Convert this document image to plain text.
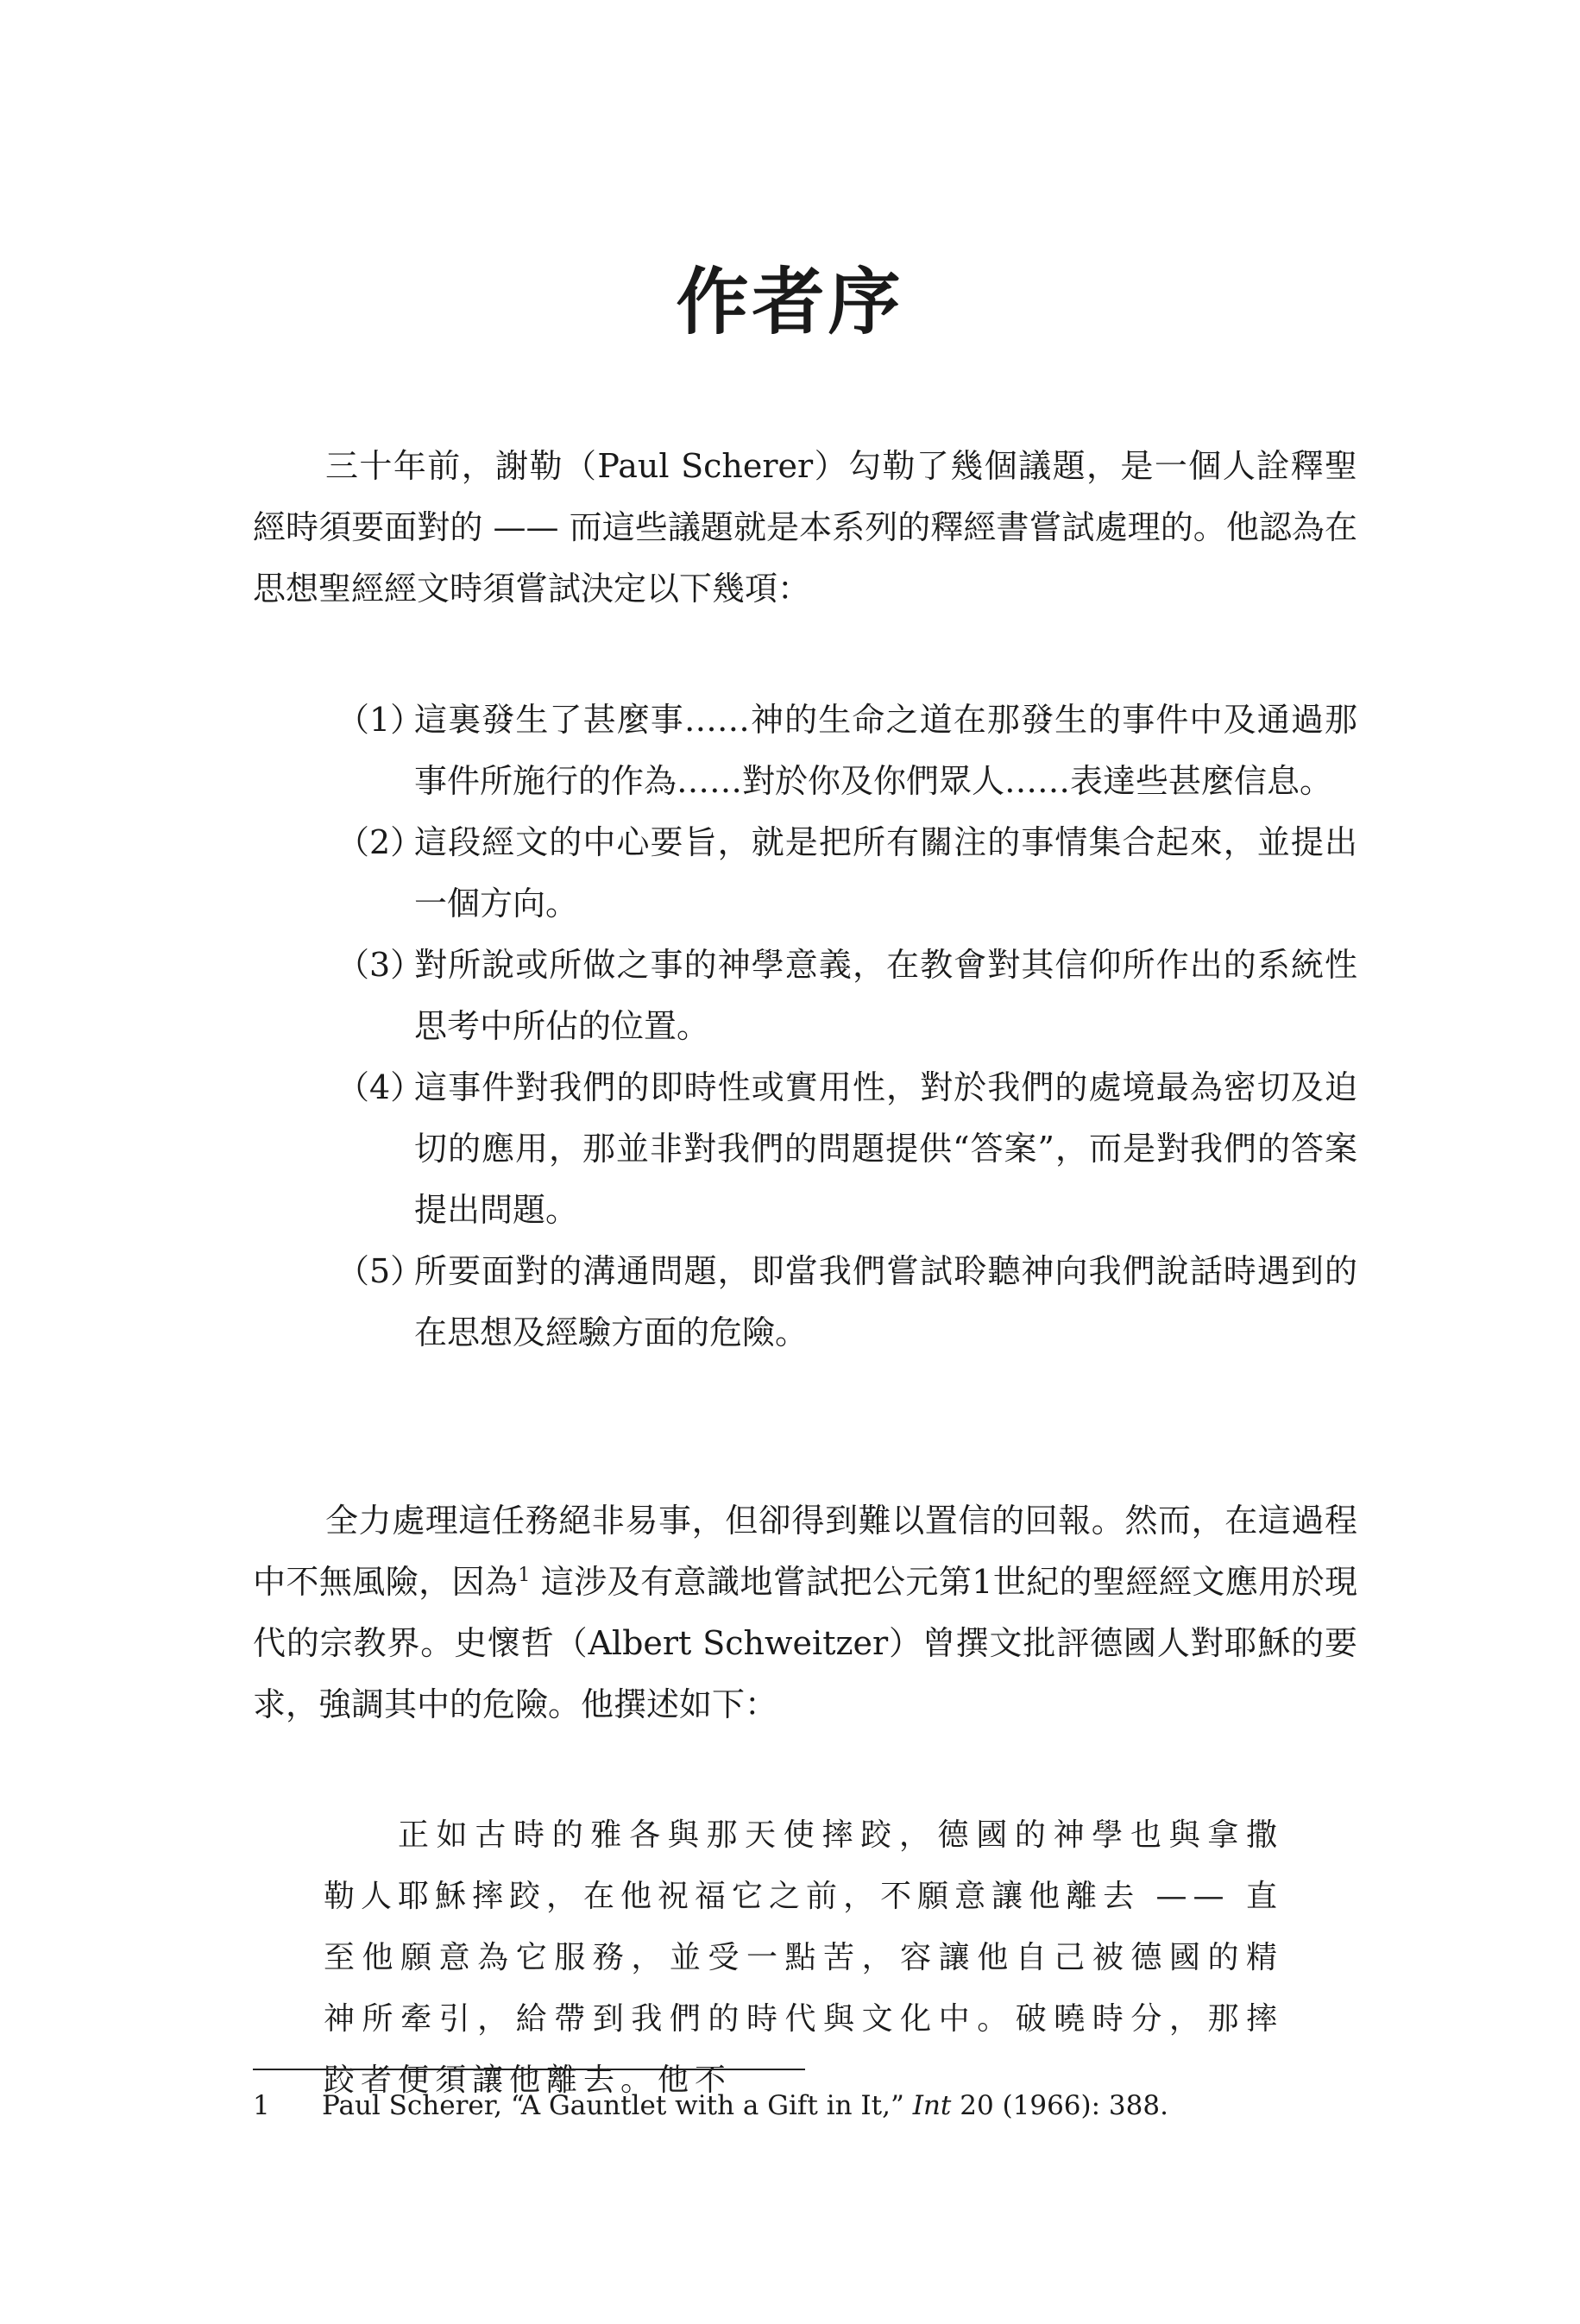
作者序

三十年前，謝勒（Paul Scherer）勾勒了幾個議題，是一個人詮釋聖經時須要面對的 —— 而這些議題就是本系列的釋經書嘗試處理的。他認為在思想聖經經文時須嘗試決定以下幾項：

（1）
這裏發生了甚麼事……神的生命之道在那發生的事件中及通過那事件所施行的作為……對於你及你們眾人……表達些甚麼信息。
（2）
這段經文的中心要旨，就是把所有關注的事情集合起來，並提出一個方向。
（3）
對所說或所做之事的神學意義，在教會對其信仰所作出的系統性思考中所佔的位置。
（4）
這事件對我們的即時性或實用性，對於我們的處境最為密切及迫切的應用，那並非對我們的問題提供“答案”，而是對我們的答案提出問題。
（5）
所要面對的溝通問題，即當我們嘗試聆聽神向我們說話時遇到的在思想及經驗方面的危險。

全力處理這任務絕非易事，但卻得到難以置信的回報。然而，在這過程中不無風險，因為$^1$ 這涉及有意識地嘗試把公元第1世紀的聖經經文應用於現代的宗教界。史懷哲（Albert Schweitzer）曾撰文批評德國人對耶穌的要求，強調其中的危險。他撰述如下：

正如古時的雅各與那天使摔跤，德國的神學也與拿撒勒人耶穌摔跤，在他祝福它之前，不願意讓他離去 —— 直至他願意為它服務，並受一點苦，容讓他自己被德國的精神所牽引，給帶到我們的時代與文化中。破曉時分，那摔跤者便須讓他離去。他不

1 Paul Scherer, “A Gauntlet with a Gift in It,” Int 20 (1966): 388.
